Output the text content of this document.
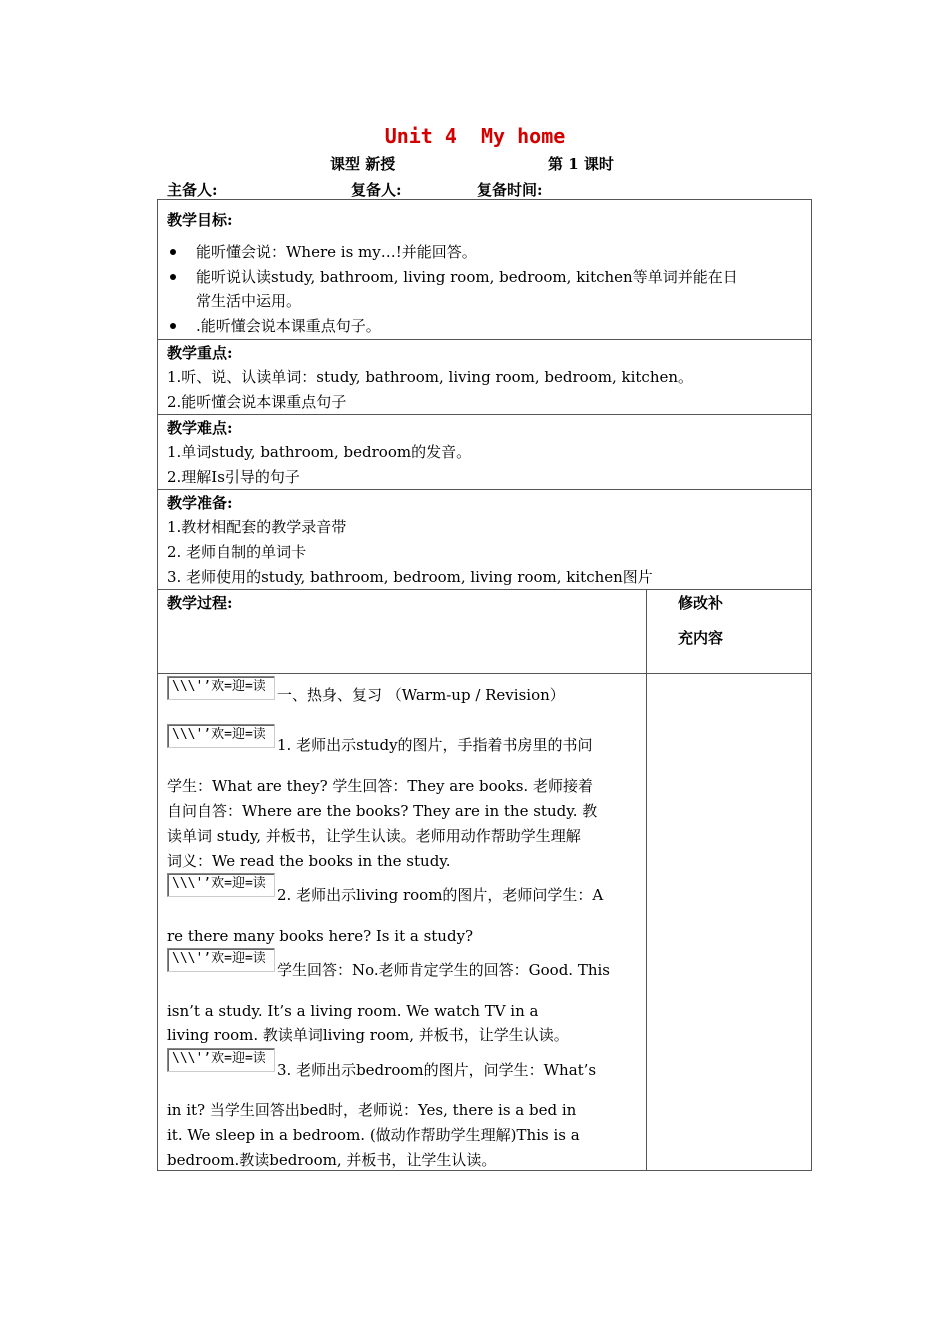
Unit 4  My home
课型 新授	第 1 课时
主备人:	复备人:	复备时间:
教学目标:
能听懂会说：Where is my…!并能回答。
能听说认读study, bathroom, living room, bedroom, kitchen等单词并能在日
常生活中运用。
.能听懂会说本课重点句子。
教学重点:
1.听、说、认读单词：study, bathroom, living room, bedroom, kitchen。
2.能听懂会说本课重点句子
教学难点:
1.单词study, bathroom, bedroom的发音。
2.理解Is引导的句子
教学准备:
1.教材相配套的教学录音带
2. 老师自制的单词卡
3. 老师使用的study, bathroom, bedroom, living room, kitchen图片
教学过程:	修改补
充内容
\\\'’欢=迎=读
\\\'’欢=迎=读
\\\'’欢=迎=读
\\\'’欢=迎=读
\\\'’欢=迎=读
一、热身、复习 （Warm-up / Revision）
1. 老师出示study的图片，手指着书房里的书问
学生：What are they? 学生回答：They are books. 老师接着
自问自答：Where are the books? They are in the study. 教
读单词 study, 并板书，让学生认读。老师用动作帮助学生理解
词义：We read the books in the study.
2. 老师出示living room的图片，老师问学生：A
re there many books here? Is it a study?
学生回答：No.老师肯定学生的回答：Good. This
isn’t a study. It’s a living room. We watch TV in a
living room. 教读单词living room, 并板书，让学生认读。
3. 老师出示bedroom的图片，问学生：What’s
in it? 当学生回答出bed时，老师说：Yes, there is a bed in
it. We sleep in a bedroom. (做动作帮助学生理解)This is a
bedroom.教读bedroom, 并板书，让学生认读。
